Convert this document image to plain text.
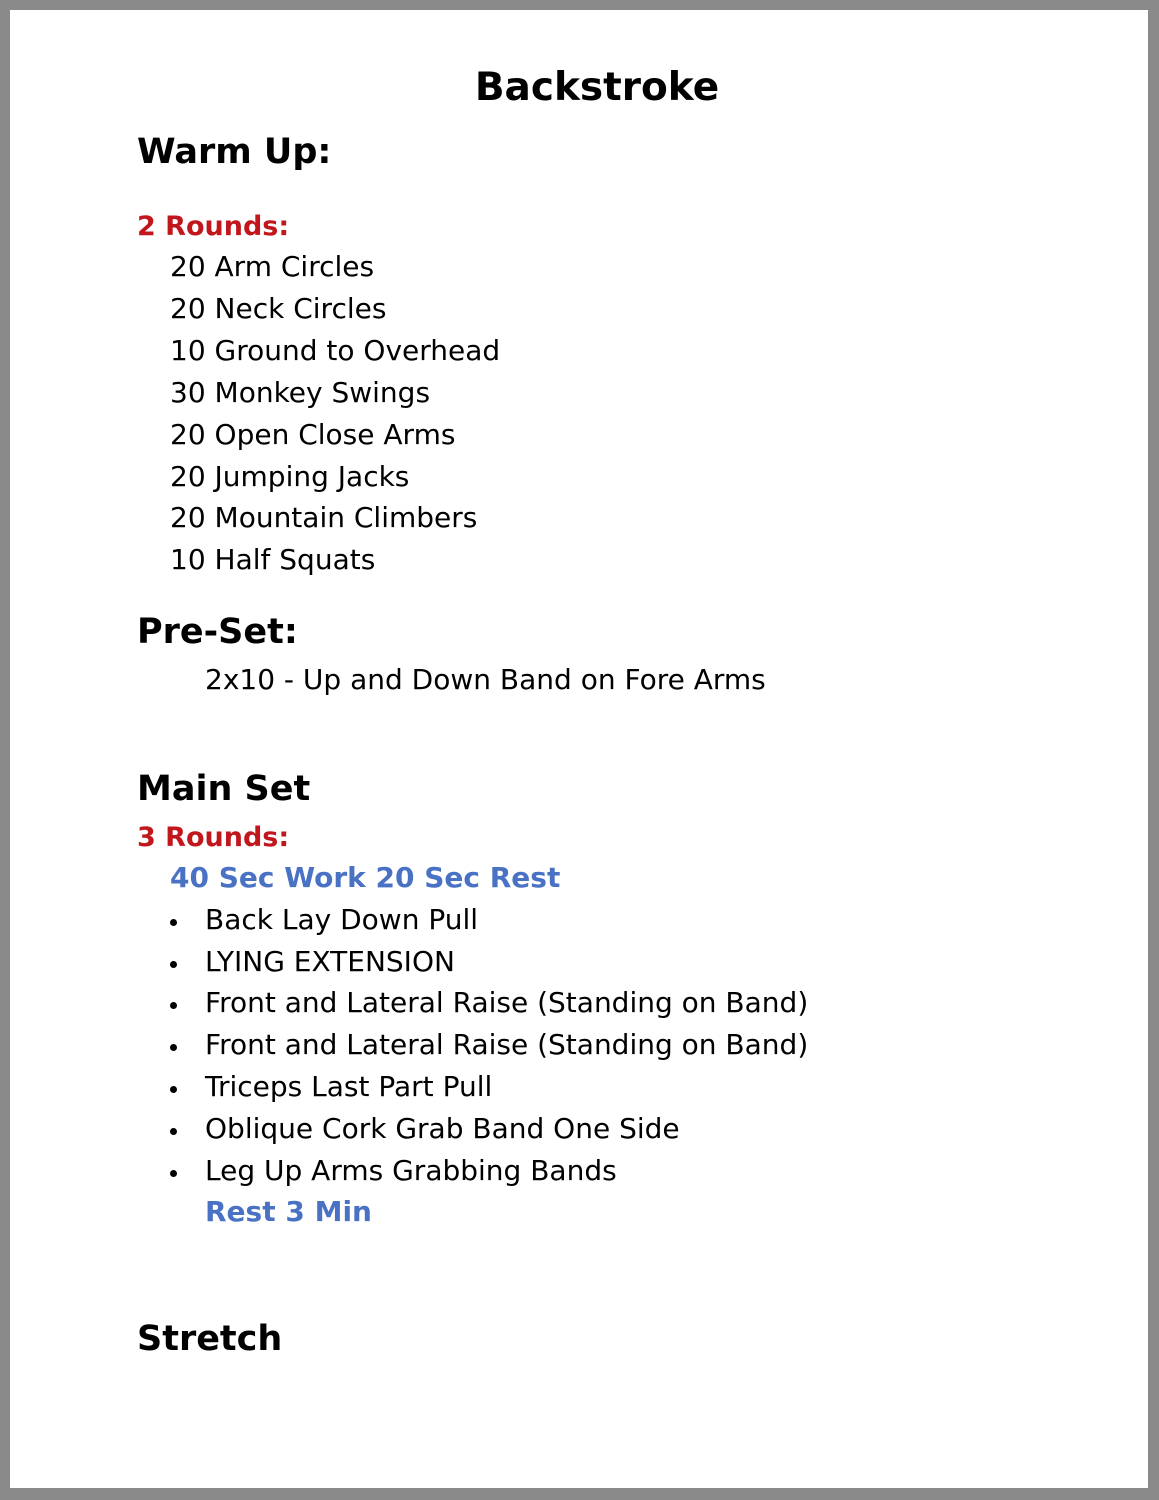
Backstroke
Warm Up:
2 Rounds:
20 Arm Circles
20 Neck Circles
10 Ground to Overhead
30 Monkey Swings
20 Open Close Arms
20 Jumping Jacks
20 Mountain Climbers
10 Half Squats
Pre-Set:
2x10 - Up and Down Band on Fore Arms
Main Set
3 Rounds:
40 Sec Work 20 Sec Rest
Back Lay Down Pull
LYING EXTENSION
Front and Lateral Raise (Standing on Band)
Front and Lateral Raise (Standing on Band)
Triceps Last Part Pull
Oblique Cork Grab Band One Side
Leg Up Arms Grabbing Bands
Rest 3 Min
Stretch
